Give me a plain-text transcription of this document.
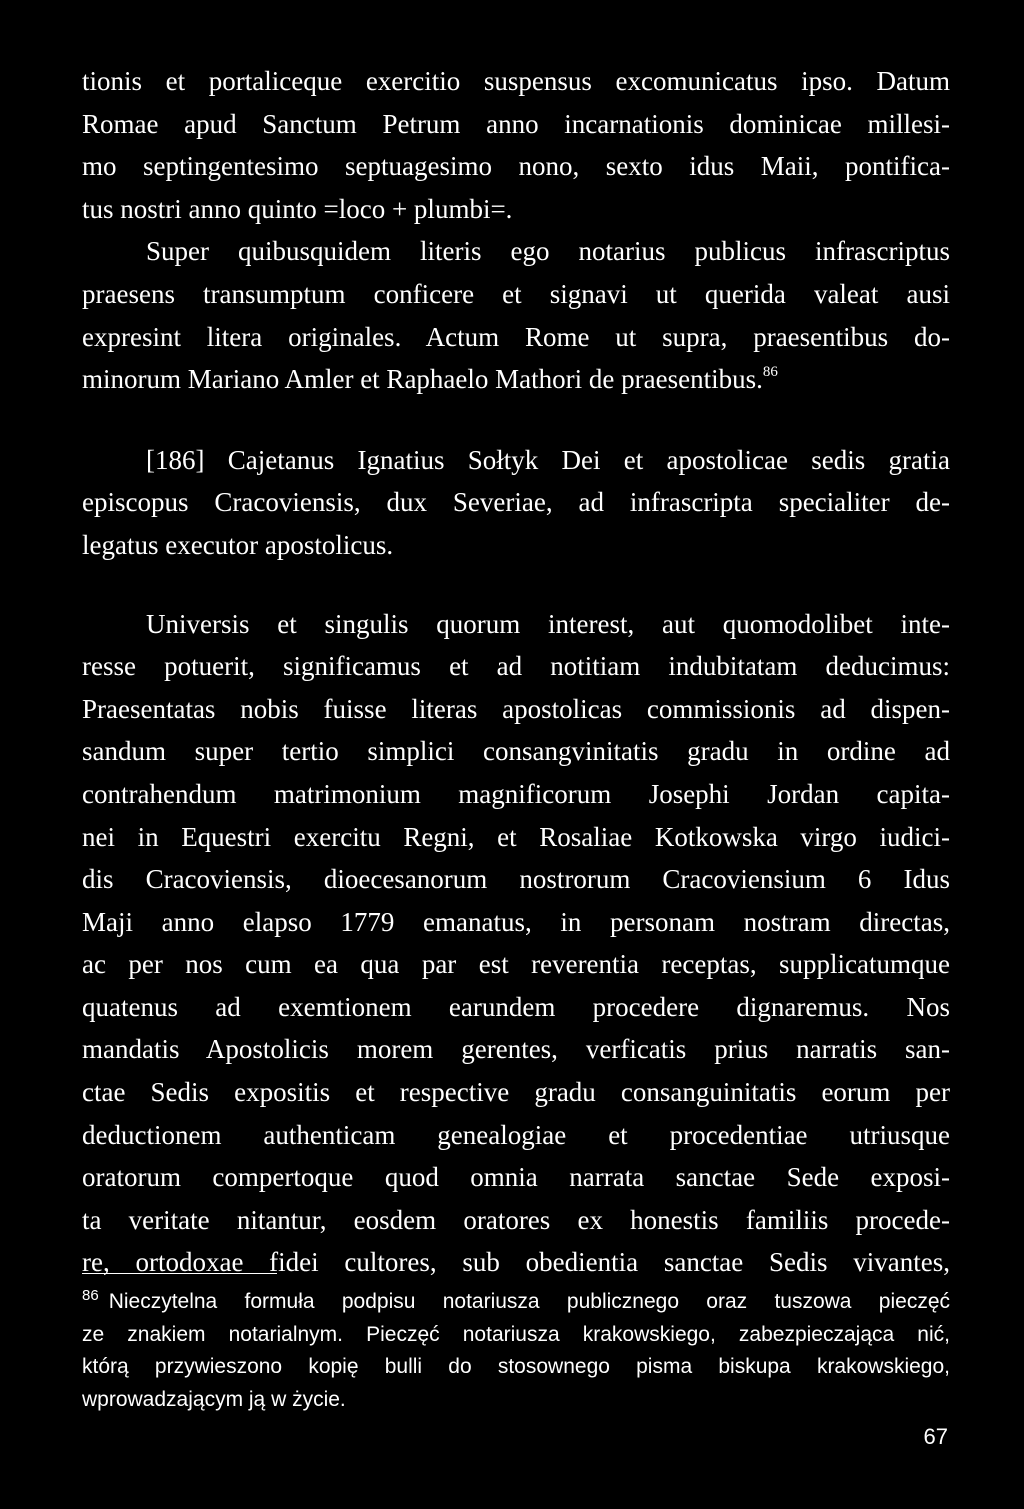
tionis et portaliceque exercitio suspensus excomunicatus ipso. Datum
Romae apud Sanctum Petrum anno incarnationis dominicae millesi-
mo septingentesimo septuagesimo nono, sexto idus Maii, pontifica-
tus nostri anno quinto =loco + plumbi=.
Super quibusquidem literis ego notarius publicus infrascriptus
praesens transumptum conficere et signavi ut querida valeat ausi
expresint litera originales. Actum Rome ut supra, praesentibus do-
minorum Mariano Amler et Raphaelo Mathori de praesentibus.$^{86}$
[186] Cajetanus Ignatius Sołtyk Dei et apostolicae sedis gratia
episcopus Cracoviensis, dux Severiae, ad infrascripta specialiter de-
legatus executor apostolicus.
Universis et singulis quorum interest, aut quomodolibet inte-
resse potuerit, significamus et ad notitiam indubitatam deducimus:
Praesentatas nobis fuisse literas apostolicas commissionis ad dispen-
sandum super tertio simplici consangvinitatis gradu in ordine ad
contrahendum matrimonium magnificorum Josephi Jordan capita-
nei in Equestri exercitu Regni, et Rosaliae Kotkowska virgo iudici-
dis Cracoviensis, dioecesanorum nostrorum Cracoviensium 6 Idus
Maji anno elapso 1779 emanatus, in personam nostram directas,
ac per nos cum ea qua par est reverentia receptas, supplicatumque
quatenus ad exemtionem earundem procedere dignaremus. Nos
mandatis Apostolicis morem gerentes, verficatis prius narratis san-
ctae Sedis expositis et respective gradu consanguinitatis eorum per
deductionem authenticam genealogiae et procedentiae utriusque
oratorum compertoque quod omnia narrata sanctae Sede exposi-
ta veritate nitantur, eosdem oratores ex honestis familiis procede-
re, ortodoxae fidei cultores, sub obedientia sanctae Sedis vivantes,
$^{86}$ Nieczytelna formuła podpisu notariusza publicznego oraz tuszowa pieczęć
ze znakiem notarialnym. Pieczęć notariusza krakowskiego, zabezpieczająca nić,
którą przywieszono kopię bulli do stosownego pisma biskupa krakowskiego,
wprowadzającym ją w życie.
67
